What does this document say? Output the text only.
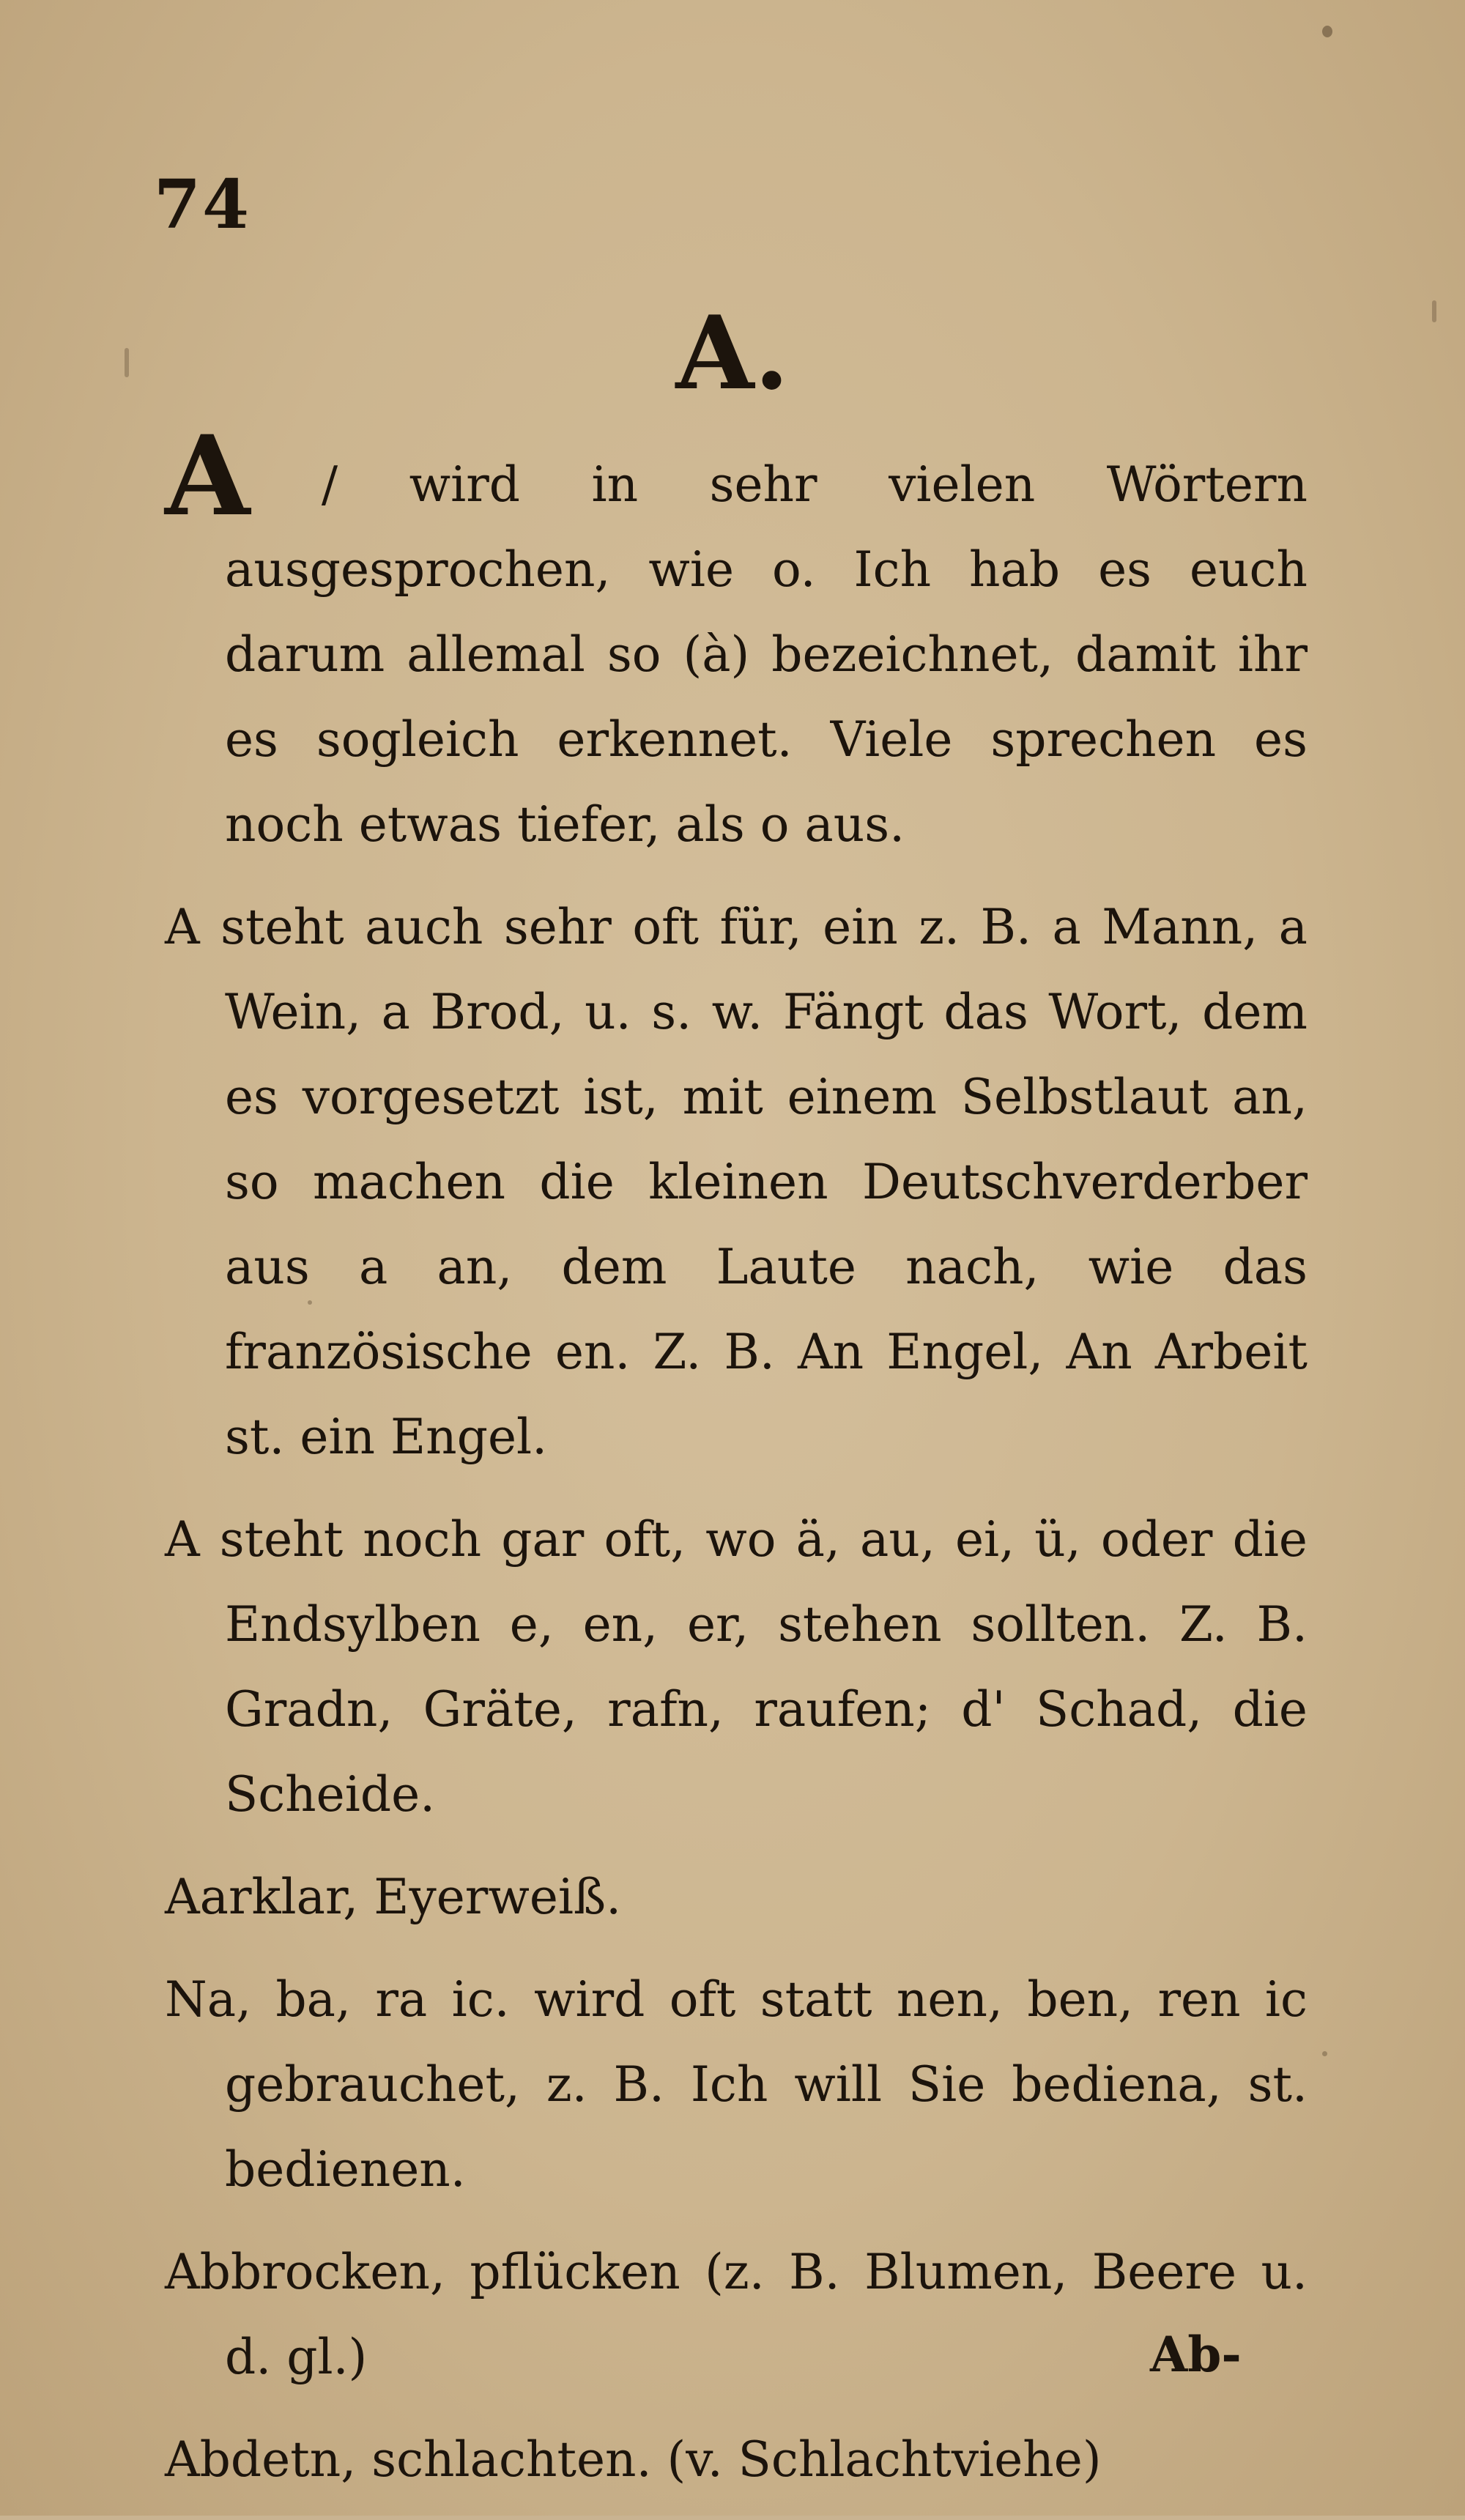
74
A.

A / wird in sehr vielen Wörtern ausgesprochen, wie o. Ich hab es euch darum allemal so (à) bezeichnet, damit ihr es sogleich erkennet. Viele sprechen es noch etwas tiefer, als o aus.

A steht auch sehr oft für, ein z. B. a Mann, a Wein, a Brod, u. s. w. Fängt das Wort, dem es vorgesetzt ist, mit einem Selbstlaut an, so machen die kleinen Deutschverderber aus a an, dem Laute nach, wie das französische en. Z. B. An Engel, An Arbeit st. ein Engel.

A steht noch gar oft, wo ä, au, ei, ü, oder die Endsylben e, en, er, stehen sollten. Z. B. Gradn, Gräte, rafn, raufen; d' Schad, die Scheide.

Aarklar, Eyerweiß.

Na, ba, ra ic. wird oft statt nen, ben, ren ic gebrauchet, z. B. Ich will Sie bediena, st. bedienen.

Abbrocken, pflücken (z. B. Blumen, Beere u. d. gl.)

Abdetn, schlachten. (v. Schlachtviehe)

Ab-
